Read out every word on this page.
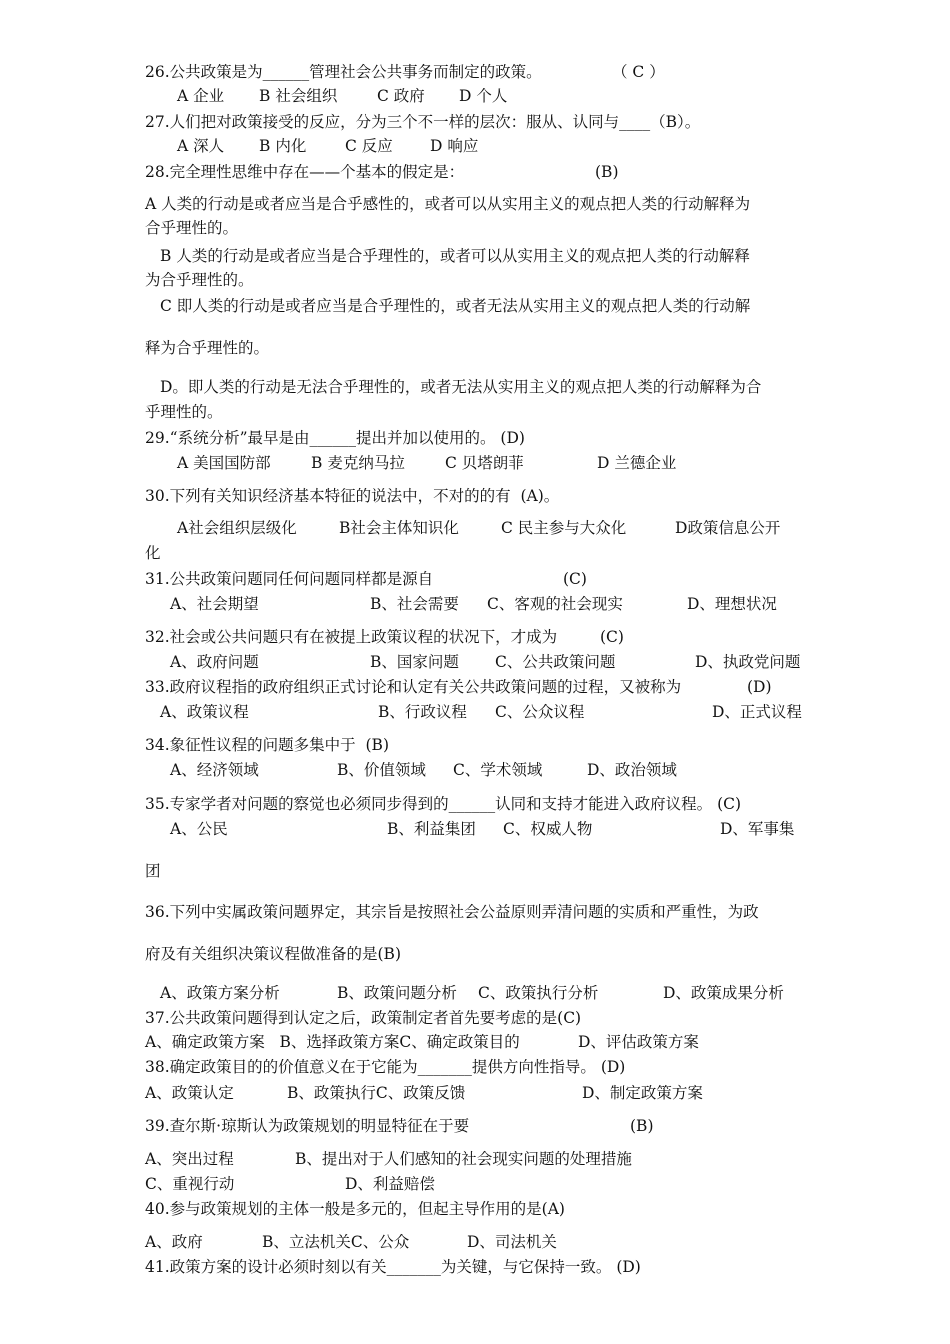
26.公共政策是为______管理社会公共事务而制定的政策。	（ C ）
A 企业 B 社会组织	C 政府 D 个人
27.人们把对政策接受的反应，分为三个不一样的层次：服从、认同与____（B）。
A 深人 B 内化 C 反应 D 响应
28.完全理性思维中存在——个基本的假定是：	(B)
A 人类的行动是或者应当是合乎感性的，或者可以从实用主义的观点把人类的行动解释为
合乎理性的。
B 人类的行动是或者应当是合乎理性的，或者可以从实用主义的观点把人类的行动解释
为合乎理性的。
C 即人类的行动是或者应当是合乎理性的，或者无法从实用主义的观点把人类的行动解
释为合乎理性的。
D。即人类的行动是无法合乎理性的，或者无法从实用主义的观点把人类的行动解释为合
乎理性的。
29.“系统分析”最早是由______提出并加以使用的。 (D)
A 美国国防部	B 麦克纳马拉	C 贝塔朗菲	D 兰德企业
30.下列有关知识经济基本特征的说法中，不对的的有  (A)。
A社会组织层级化	B社会主体知识化	C 民主参与大众化	D政策信息公开
化
31.公共政策问题同任何问题同样都是源自	(C)
A、社会期望	B、社会需要 C、客观的社会现实	D、理想状况
32.社会或公共问题只有在被提上政策议程的状况下，才成为	(C)
A、政府问题	B、国家问题 C、公共政策问题	D、执政党问题
33.政府议程指的政府组织正式讨论和认定有关公共政策问题的过程，又被称为	(D)
A、政策议程	B、行政议程 C、公众议程	D、正式议程
34.象征性议程的问题多集中于  (B)
A、经济领域	B、价值领域 C、学术领域	D、政治领域
35.专家学者对问题的察觉也必须同步得到的______认同和支持才能进入政府议程。 (C)
A、公民	B、利益集团 C、权威人物	D、军事集
团
36.下列中实属政策问题界定，其宗旨是按照社会公益原则弄清问题的实质和严重性，为政
府及有关组织决策议程做准备的是(B)
A、政策方案分析	B、政策问题分析 C、政策执行分析	D、政策成果分析
37.公共政策问题得到认定之后，政策制定者首先要考虑的是(C)
A、确定政策方案   B、选择政策方案C、确定政策目的	D、评估政策方案
38.确定政策目的的价值意义在于它能为_______提供方向性指导。 (D)
A、政策认定	B、政策执行C、政策反馈	D、制定政策方案
39.查尔斯·琼斯认为政策规划的明显特征在于要	(B)
A、突出过程	B、提出对于人们感知的社会现实问题的处理措施
C、重视行动	D、利益赔偿
40.参与政策规划的主体一般是多元的，但起主导作用的是(A)
A、政府	B、立法机关C、公众	D、司法机关
41.政策方案的设计必须时刻以有关_______为关键，与它保持一致。 (D)
